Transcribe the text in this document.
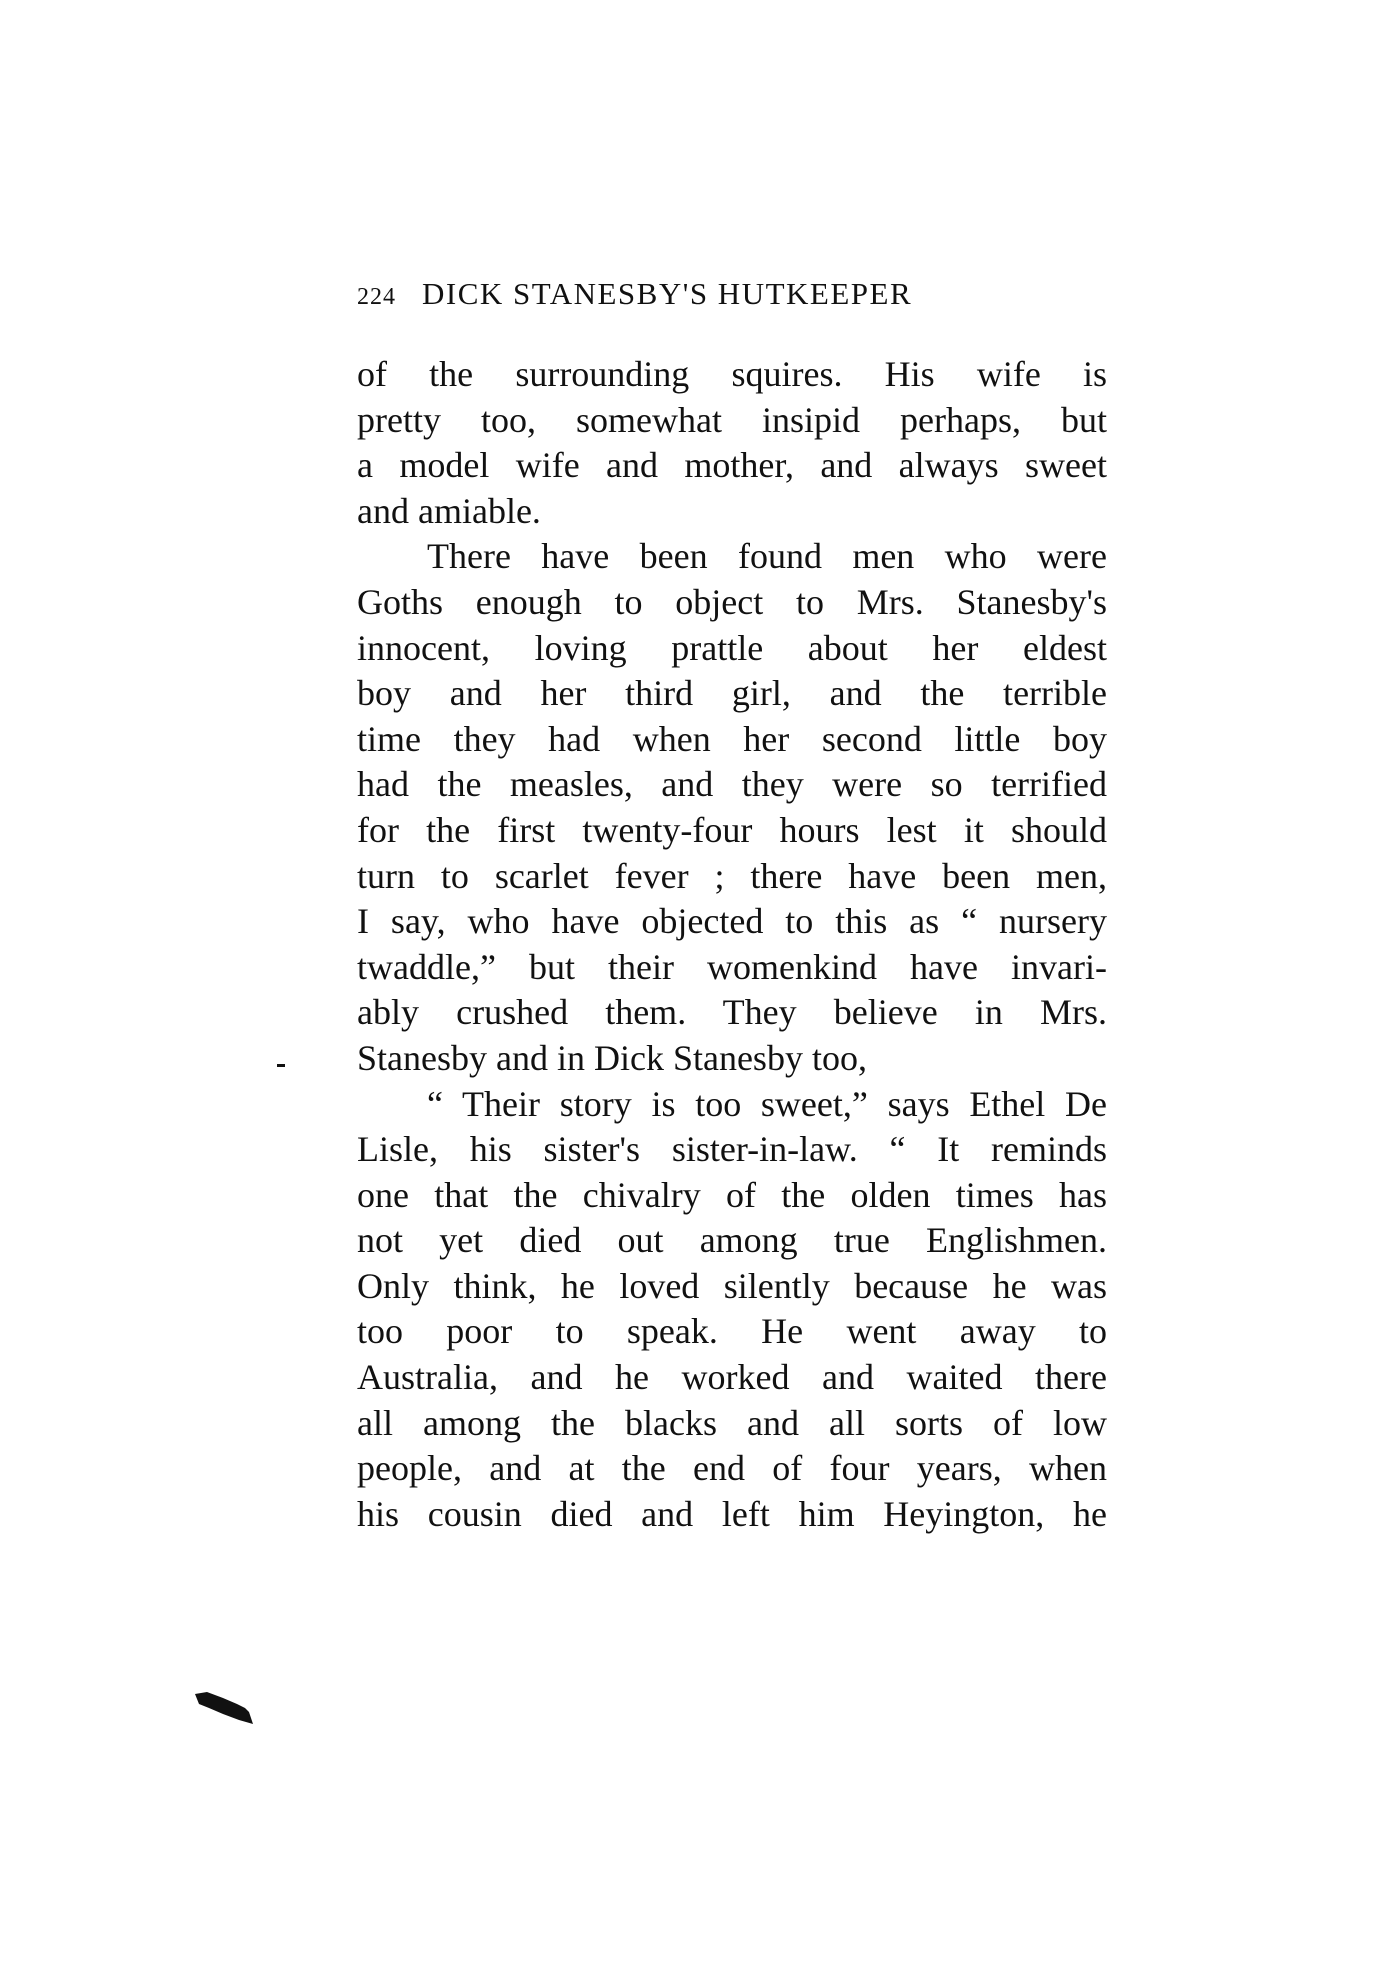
224 DICK STANESBY'S HUTKEEPER
of the surrounding squires. His wife is
pretty too, somewhat insipid perhaps, but
a model wife and mother, and always sweet
and amiable.
There have been found men who were
Goths enough to object to Mrs. Stanesby's
innocent, loving prattle about her eldest
boy and her third girl, and the terrible
time they had when her second little boy
had the measles, and they were so terrified
for the first twenty-four hours lest it should
turn to scarlet fever ; there have been men,
I say, who have objected to this as “ nursery
twaddle,” but their womenkind have invari-
ably crushed them. They believe in Mrs.
Stanesby and in Dick Stanesby too,
“ Their story is too sweet,” says Ethel De
Lisle, his sister's sister-in-law. “ It reminds
one that the chivalry of the olden times has
not yet died out among true Englishmen.
Only think, he loved silently because he was
too poor to speak. He went away to
Australia, and he worked and waited there
all among the blacks and all sorts of low
people, and at the end of four years, when
his cousin died and left him Heyington, he
